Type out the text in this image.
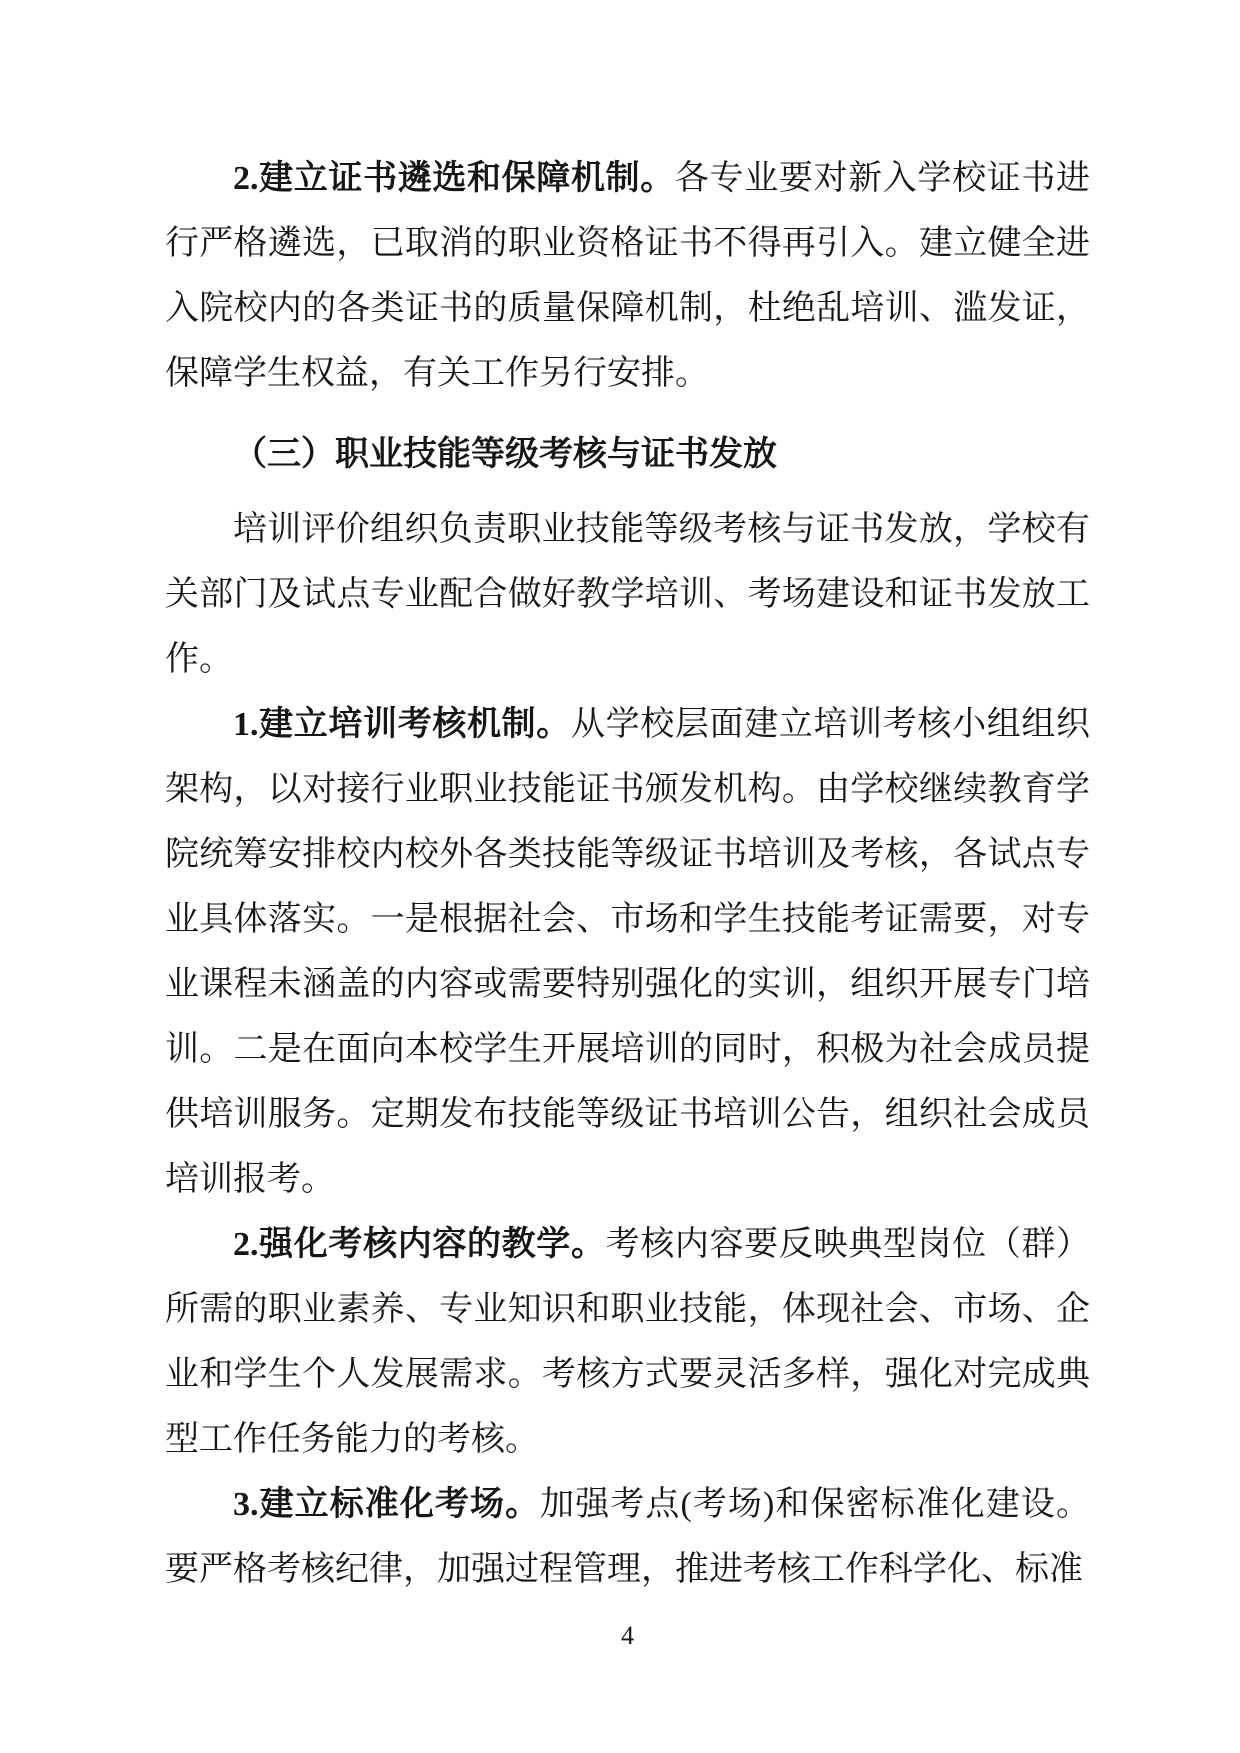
2.建立证书遴选和保障机制。各专业要对新入学校证书进行严格遴选，已取消的职业资格证书不得再引入。建立健全进入院校内的各类证书的质量保障机制，杜绝乱培训、滥发证，保障学生权益，有关工作另行安排。

（三）职业技能等级考核与证书发放

培训评价组织负责职业技能等级考核与证书发放，学校有关部门及试点专业配合做好教学培训、考场建设和证书发放工作。

1.建立培训考核机制。从学校层面建立培训考核小组组织架构，以对接行业职业技能证书颁发机构。由学校继续教育学院统筹安排校内校外各类技能等级证书培训及考核，各试点专业具体落实。一是根据社会、市场和学生技能考证需要，对专业课程未涵盖的内容或需要特别强化的实训，组织开展专门培训。二是在面向本校学生开展培训的同时，积极为社会成员提供培训服务。定期发布技能等级证书培训公告，组织社会成员培训报考。

2.强化考核内容的教学。考核内容要反映典型岗位（群）所需的职业素养、专业知识和职业技能，体现社会、市场、企业和学生个人发展需求。考核方式要灵活多样，强化对完成典型工作任务能力的考核。

3.建立标准化考场。加强考点(考场)和保密标准化建设。要严格考核纪律，加强过程管理，推进考核工作科学化、标准

4
